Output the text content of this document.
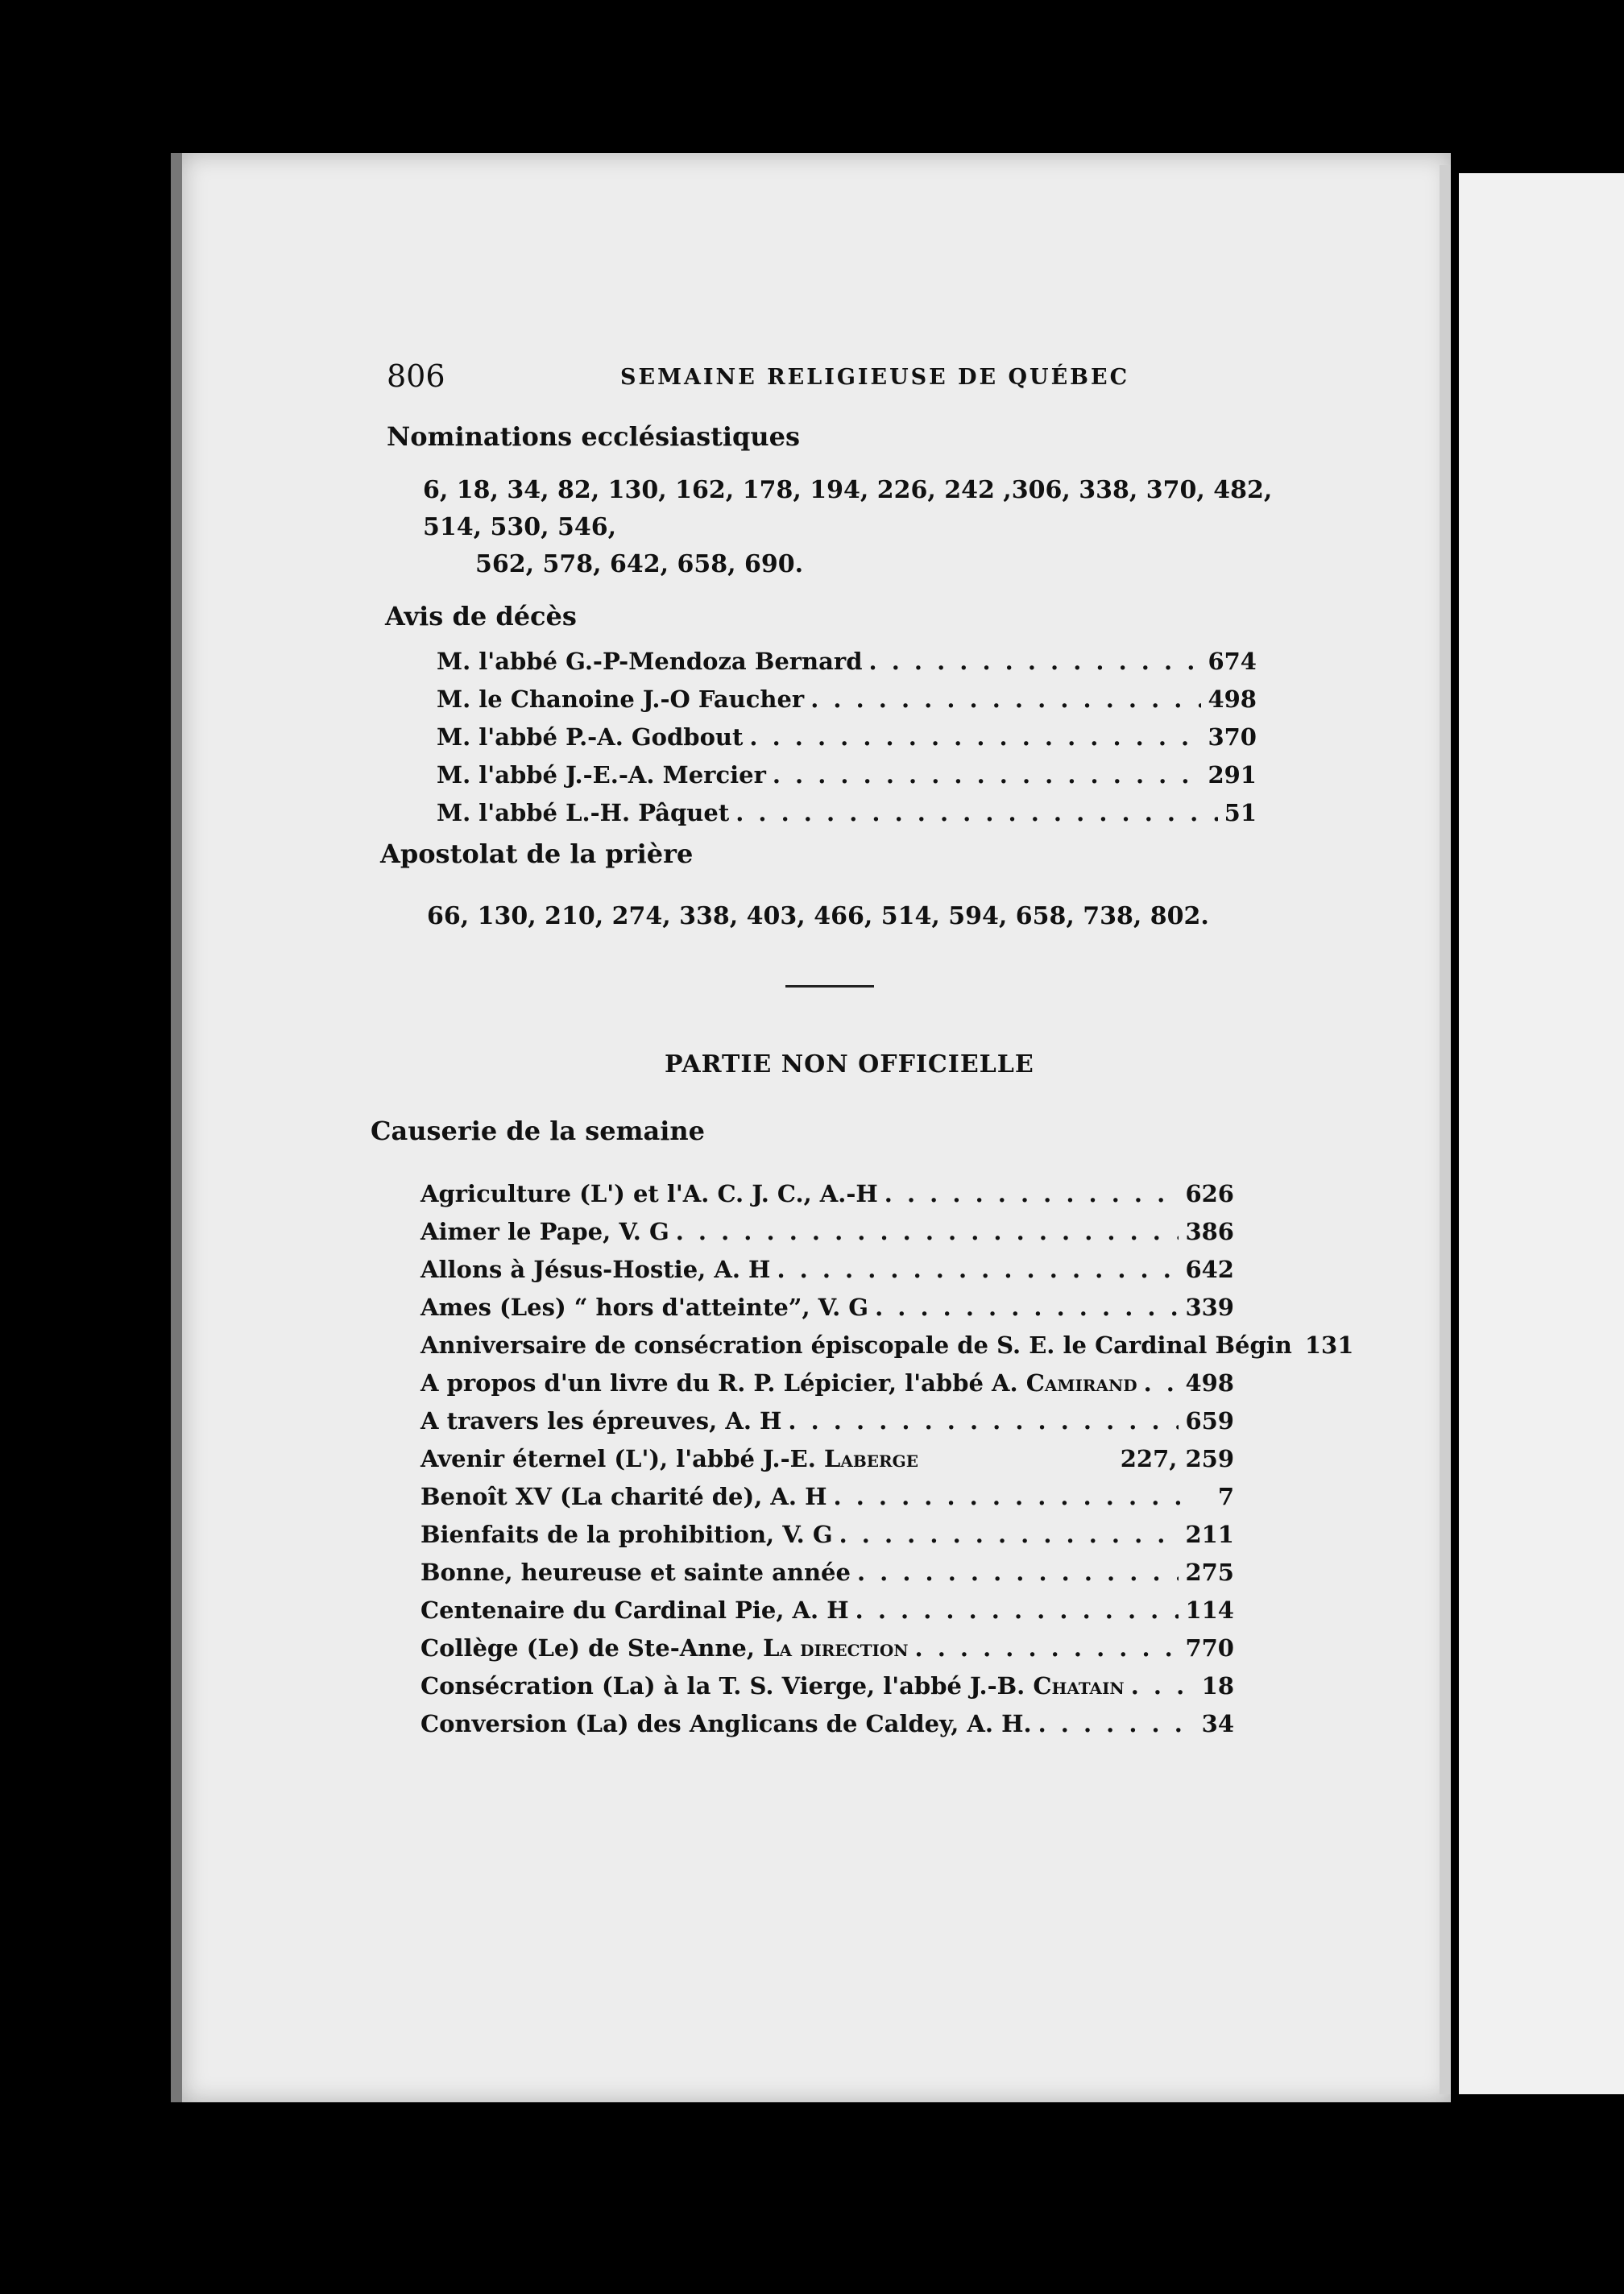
806	SEMAINE RELIGIEUSE DE QUÉBEC

Nominations ecclésiastiques

6, 18, 34, 82, 130, 162, 178, 194, 226, 242 ,306, 338, 370, 482, 514, 530, 546,
562, 578, 642, 658, 690.

Avis de décès

M. l'abbé G.-P-Mendoza Bernard . . .	674
M. le Chanoine J.-O Faucher . . .	498
M. l'abbé P.-A. Godbout . . .	370
M. l'abbé J.-E.-A. Mercier . . .	291
M. l'abbé L.-H. Pâquet . . .	51

Apostolat de la prière

66, 130, 210, 274, 338, 403, 466, 514, 594, 658, 738, 802.
PARTIE NON OFFICIELLE

Causerie de la semaine

Agriculture (L') et l'A. C. J. C., A.-H . . .	626
Aimer le Pape, V. G . . .	386
Allons à Jésus-Hostie, A. H . . .	642
Ames (Les) “ hors d'atteinte”, V. G . . .	339
Anniversaire de consécration épiscopale de S. E. le Cardinal Bégin 131
A propos d'un livre du R. P. Lépicier, l'abbé A. Camirand . . . 498
A travers les épreuves, A. H . . .	659
Avenir éternel (L'), l'abbé J.-E. Laberge	227, 259
Benoît XV (La charité de), A. H . . .	7
Bienfaits de la prohibition, V. G . . .	211
Bonne, heureuse et sainte année . . .	275
Centenaire du Cardinal Pie, A. H . . .	114
Collège (Le) de Ste-Anne, La direction . . .	770
Consécration (La) à la T. S. Vierge, l'abbé J.-B. Chatain . . .	18
Conversion (La) des Anglicans de Caldey, A. H. . . .	34
